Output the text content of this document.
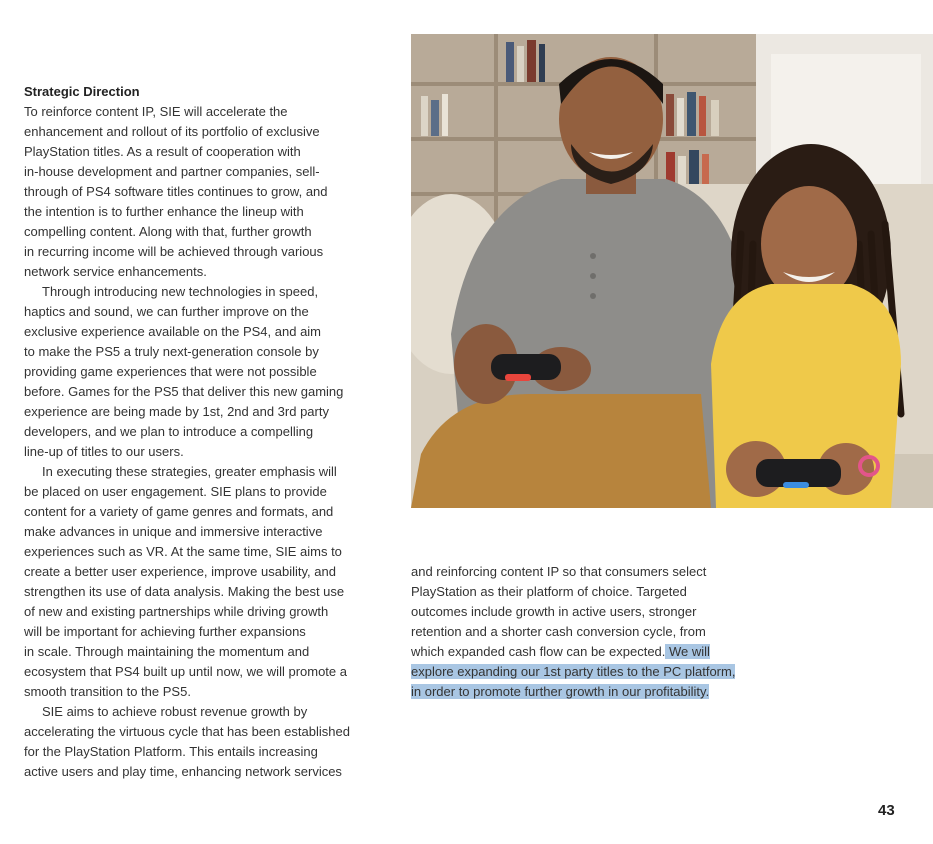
Strategic Direction

To reinforce content IP, SIE will accelerate the
enhancement and rollout of its portfolio of exclusive
PlayStation titles. As a result of cooperation with
in-house development and partner companies, sell-
through of PS4 software titles continues to grow, and
the intention is to further enhance the lineup with
compelling content. Along with that, further growth
in recurring income will be achieved through various
network service enhancements.
Through introducing new technologies in speed,
haptics and sound, we can further improve on the
exclusive experience available on the PS4, and aim
to make the PS5 a truly next-generation console by
providing game experiences that were not possible
before. Games for the PS5 that deliver this new gaming
experience are being made by 1st, 2nd and 3rd party
developers, and we plan to introduce a compelling
line-up of titles to our users.
In executing these strategies, greater emphasis will
be placed on user engagement. SIE plans to provide
content for a variety of game genres and formats, and
make advances in unique and immersive interactive
experiences such as VR. At the same time, SIE aims to
create a better user experience, improve usability, and
strengthen its use of data analysis. Making the best use
of new and existing partnerships while driving growth
will be important for achieving further expansions
in scale. Through maintaining the momentum and
ecosystem that PS4 built up until now, we will promote a
smooth transition to the PS5.
SIE aims to achieve robust revenue growth by
accelerating the virtuous cycle that has been established
for the PlayStation Platform. This entails increasing
active users and play time, enhancing network services
and reinforcing content IP so that consumers select
PlayStation as their platform of choice. Targeted
outcomes include growth in active users, stronger
retention and a shorter cash conversion cycle, from
which expanded cash flow can be expected. We will
explore expanding our 1st party titles to the PC platform,
in order to promote further growth in our profitability.
43
